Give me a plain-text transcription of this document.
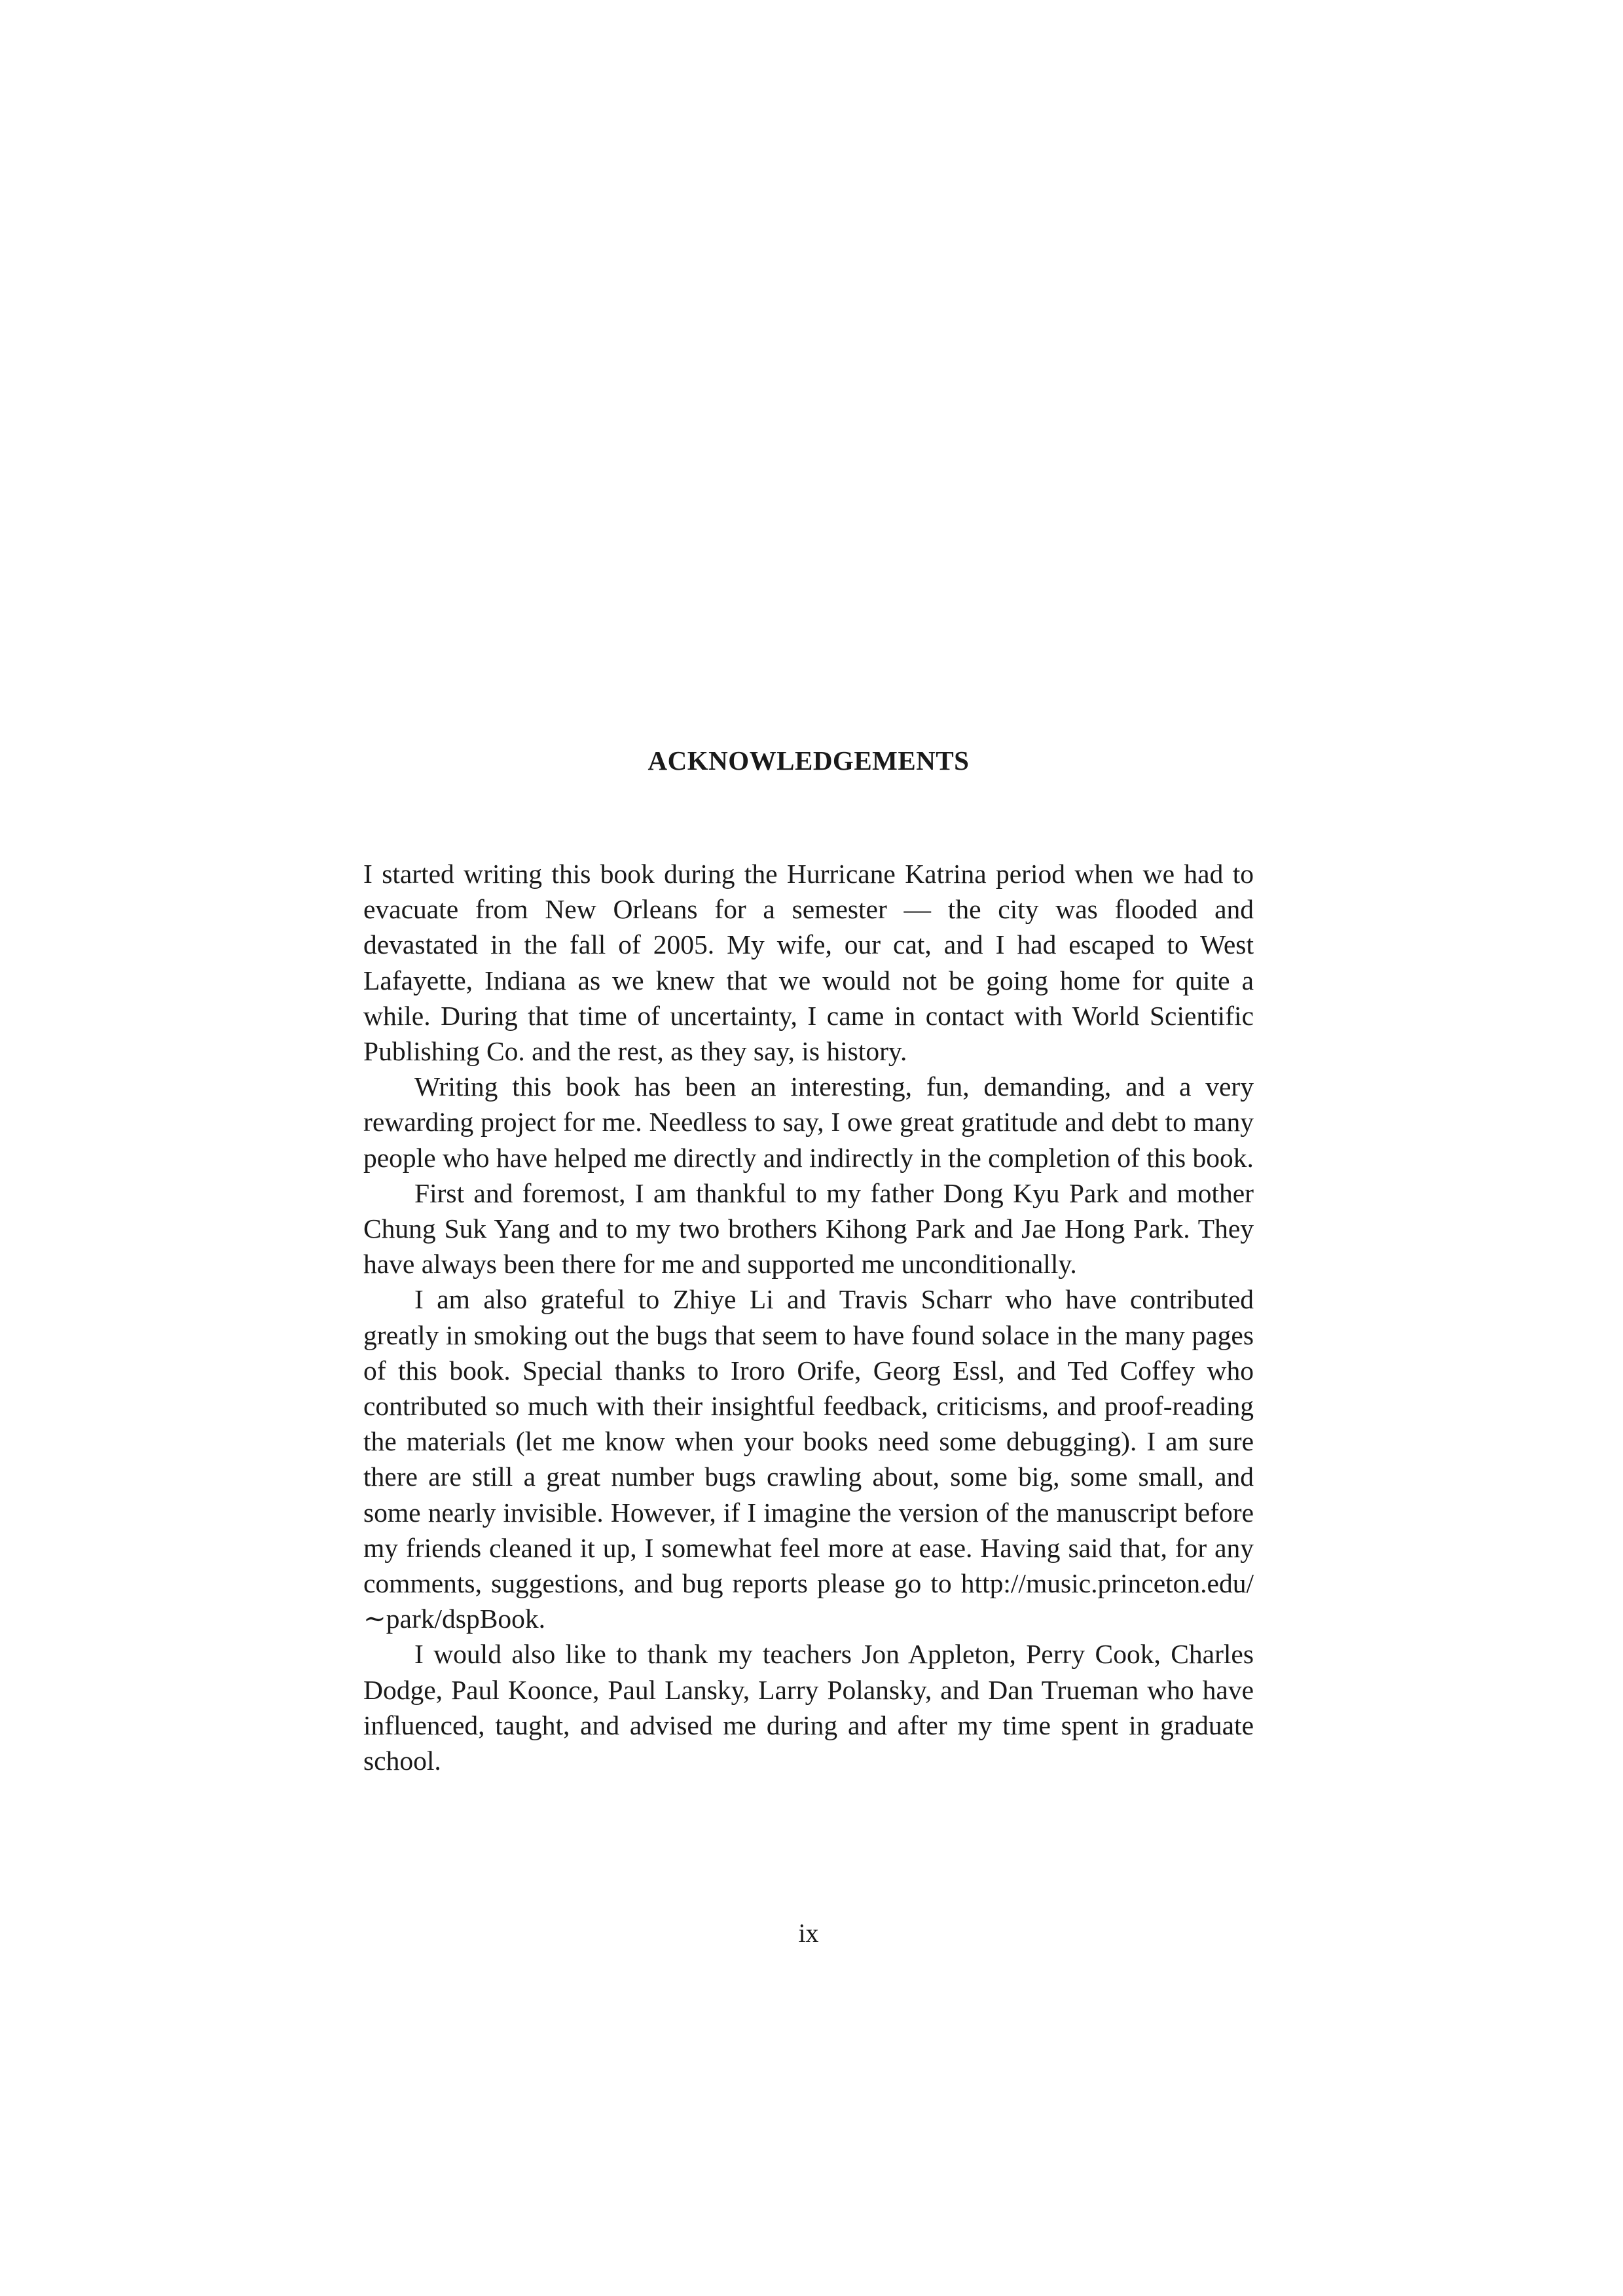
ACKNOWLEDGEMENTS

I started writing this book during the Hurricane Katrina period when we had to evacuate from New Orleans for a semester — the city was flooded and devastated in the fall of 2005. My wife, our cat, and I had escaped to West Lafayette, Indiana as we knew that we would not be going home for quite a while. During that time of uncertainty, I came in contact with World Scientific Publishing Co. and the rest, as they say, is history.

Writing this book has been an interesting, fun, demanding, and a very rewarding project for me. Needless to say, I owe great gratitude and debt to many people who have helped me directly and indirectly in the completion of this book.

First and foremost, I am thankful to my father Dong Kyu Park and mother Chung Suk Yang and to my two brothers Kihong Park and Jae Hong Park. They have always been there for me and supported me unconditionally.

I am also grateful to Zhiye Li and Travis Scharr who have contributed greatly in smoking out the bugs that seem to have found solace in the many pages of this book. Special thanks to Iroro Orife, Georg Essl, and Ted Coffey who contributed so much with their insightful feedback, criticisms, and proof-reading the materials (let me know when your books need some debugging). I am sure there are still a great number bugs crawling about, some big, some small, and some nearly invisible. However, if I imagine the version of the manuscript before my friends cleaned it up, I somewhat feel more at ease. Having said that, for any comments, suggestions, and bug reports please go to http://music.princeton.edu/∼park/dspBook.

I would also like to thank my teachers Jon Appleton, Perry Cook, Charles Dodge, Paul Koonce, Paul Lansky, Larry Polansky, and Dan Trueman who have influenced, taught, and advised me during and after my time spent in graduate school.

ix
